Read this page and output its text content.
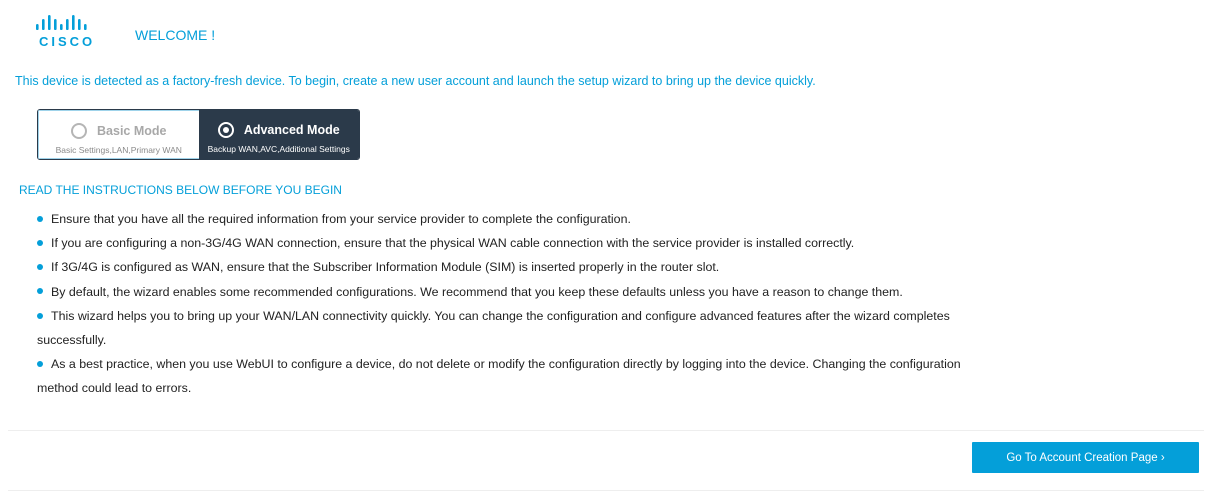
CISCO	WELCOME !
This device is detected as a factory-fresh device. To begin, create a new user account and launch the setup wizard to bring up the device quickly.
Basic Mode
Basic Settings,LAN,Primary WAN
Advanced Mode
Backup WAN,AVC,Additional Settings
READ THE INSTRUCTIONS BELOW BEFORE YOU BEGIN
Ensure that you have all the required information from your service provider to complete the configuration.
If you are configuring a non-3G/4G WAN connection, ensure that the physical WAN cable connection with the service provider is installed correctly.
If 3G/4G is configured as WAN, ensure that the Subscriber Information Module (SIM) is inserted properly in the router slot.
By default, the wizard enables some recommended configurations. We recommend that you keep these defaults unless you have a reason to change them.
This wizard helps you to bring up your WAN/LAN connectivity quickly. You can change the configuration and configure advanced features after the wizard completes successfully.
As a best practice, when you use WebUI to configure a device, do not delete or modify the configuration directly by logging into the device. Changing the configuration method could lead to errors.
Go To Account Creation Page ›
